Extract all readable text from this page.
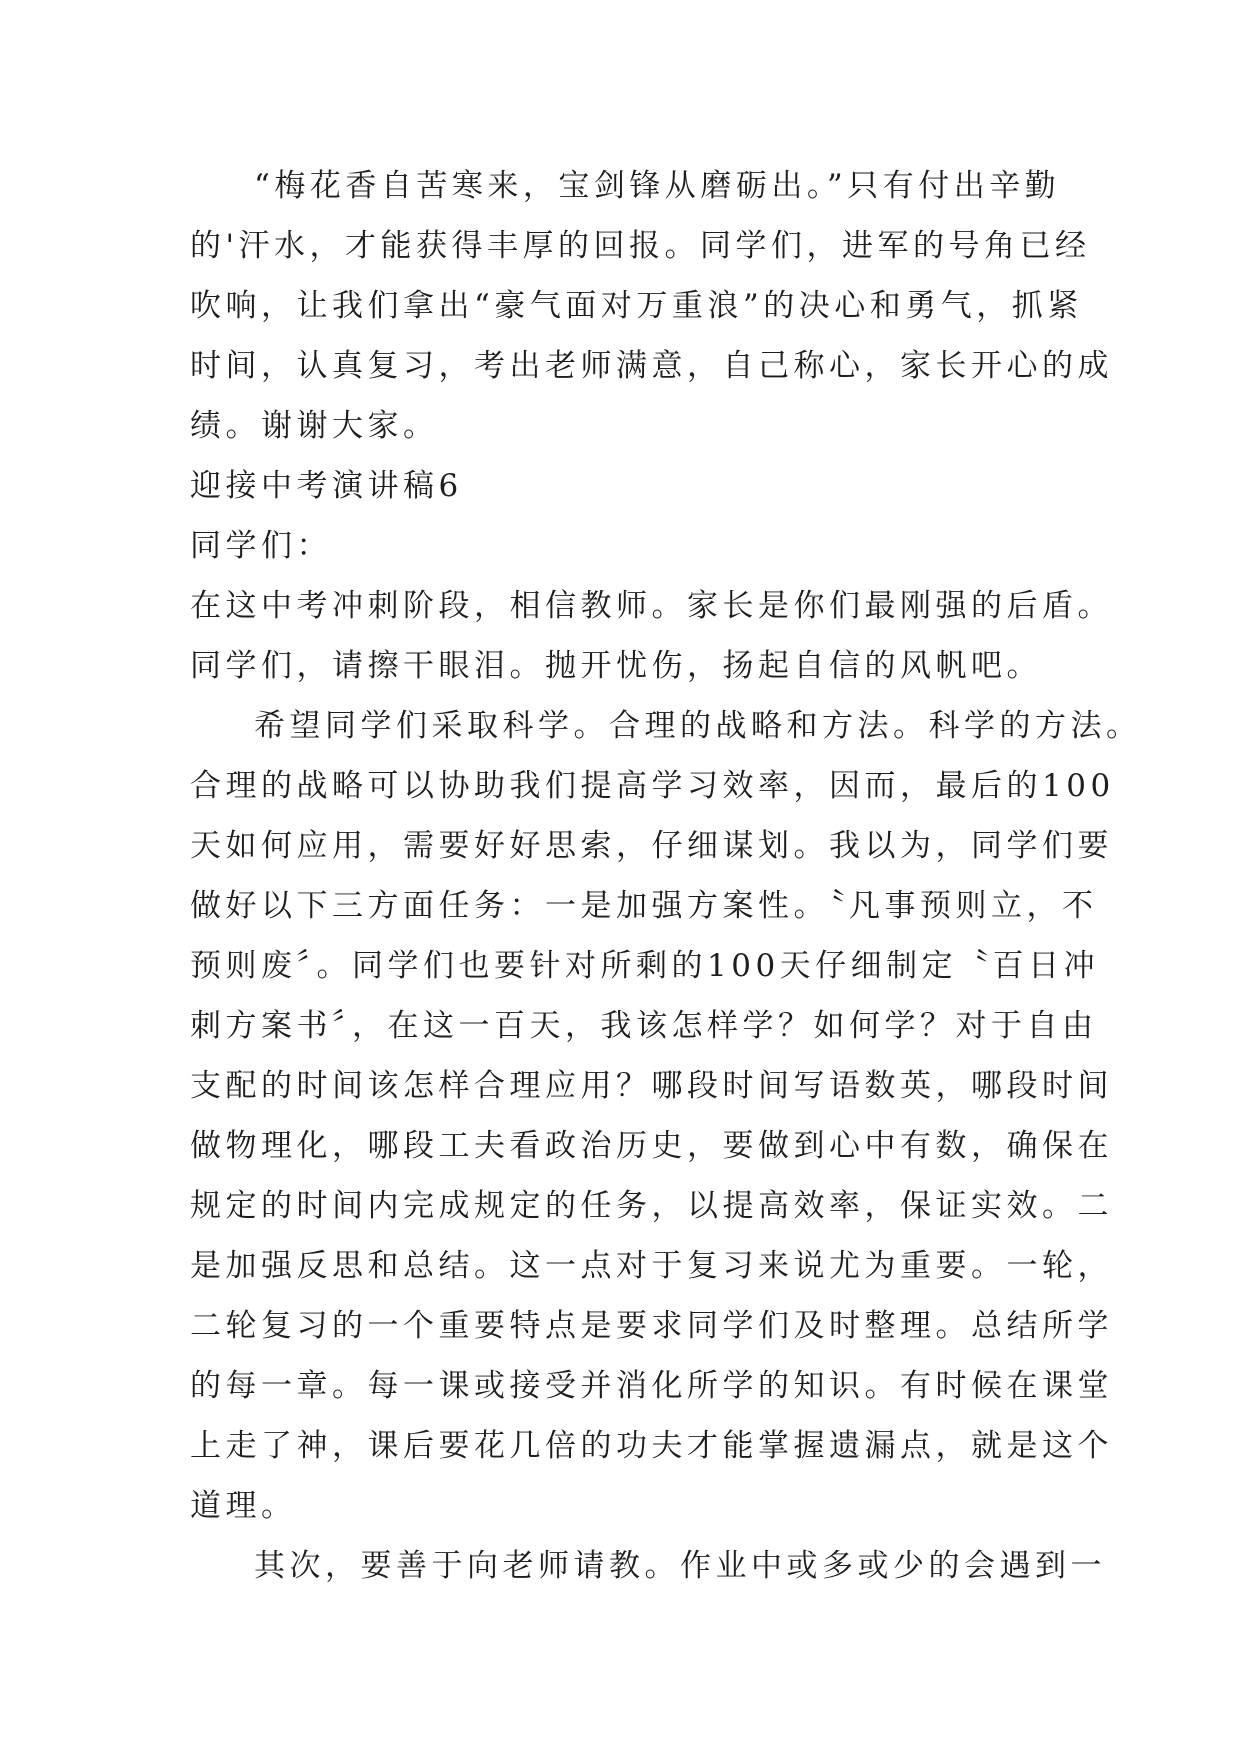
“梅花香自苦寒来，宝剑锋从磨砺出。”只有付出辛勤
的'汗水，才能获得丰厚的回报。同学们，进军的号角已经
吹响，让我们拿出“豪气面对万重浪”的决心和勇气，抓紧
时间，认真复习，考出老师满意，自己称心，家长开心的成
绩。谢谢大家。
迎接中考演讲稿6
同学们：
在这中考冲刺阶段，相信教师。家长是你们最刚强的后盾。
同学们，请擦干眼泪。抛开忧伤，扬起自信的风帆吧。
希望同学们采取科学。合理的战略和方法。科学的方法。
合理的战略可以协助我们提高学习效率，因而，最后的100
天如何应用，需要好好思索，仔细谋划。我以为，同学们要
做好以下三方面任务：一是加强方案性。〝凡事预则立，不
预则废〞。同学们也要针对所剩的100天仔细制定〝百日冲
刺方案书〞，在这一百天，我该怎样学？如何学？对于自由
支配的时间该怎样合理应用？哪段时间写语数英，哪段时间
做物理化，哪段工夫看政治历史，要做到心中有数，确保在
规定的时间内完成规定的任务，以提高效率，保证实效。二
是加强反思和总结。这一点对于复习来说尤为重要。一轮，
二轮复习的一个重要特点是要求同学们及时整理。总结所学
的每一章。每一课或接受并消化所学的知识。有时候在课堂
上走了神，课后要花几倍的功夫才能掌握遗漏点，就是这个
道理。
其次，要善于向老师请教。作业中或多或少的会遇到一
